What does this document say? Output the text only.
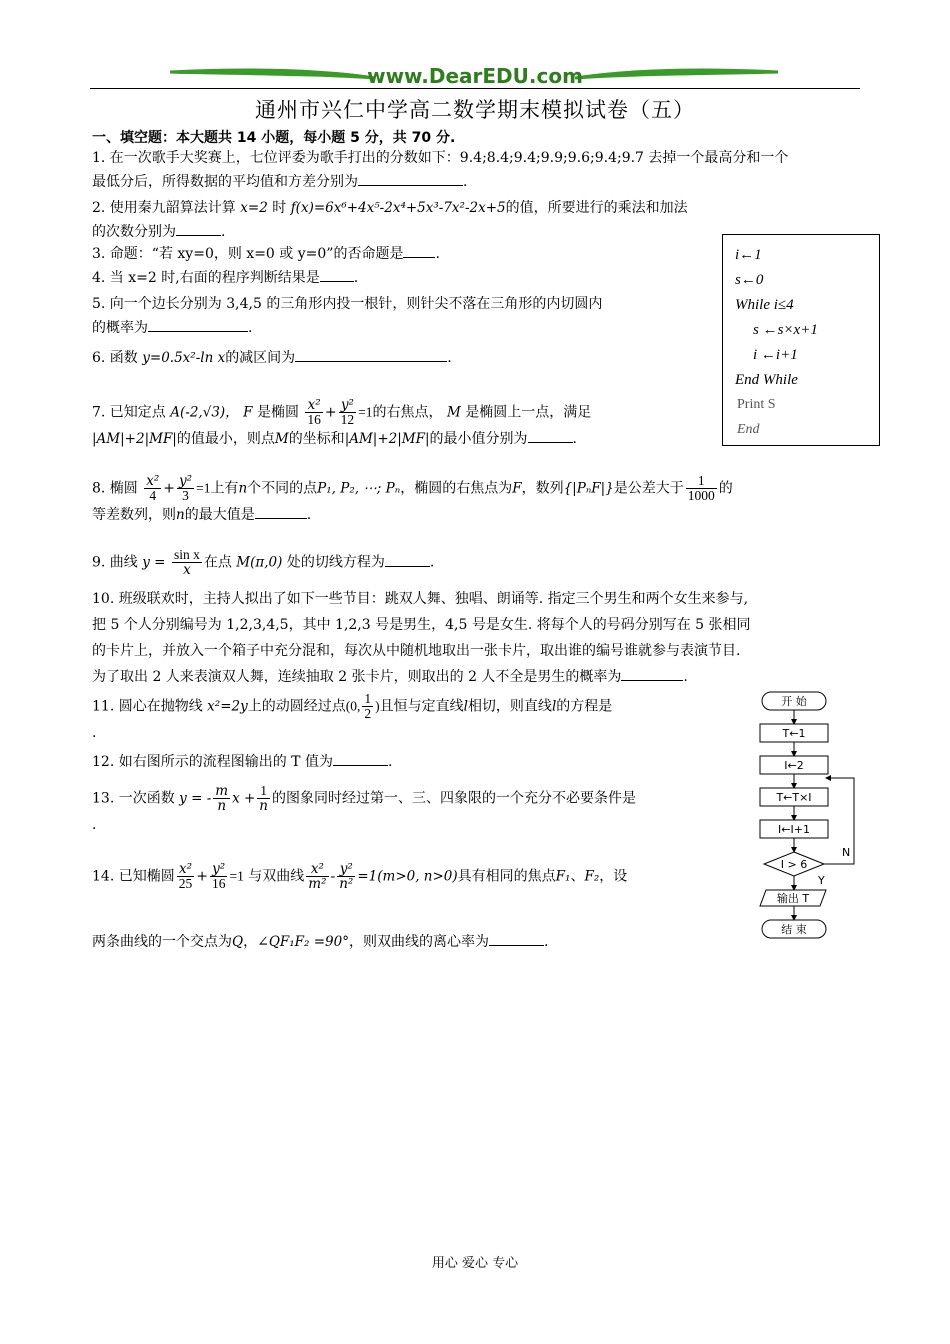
www.DearEDU.com
通州市兴仁中学高二数学期末模拟试卷（五）
一、填空题：本大题共 14 小题，每小题 5 分，共 70 分.
1. 在一次歌手大奖赛上，七位评委为歌手打出的分数如下：9.4;8.4;9.4;9.9;9.6;9.4;9.7 去掉一个最高分和一个
最低分后，所得数据的平均值和方差分别为	.
2. 使用秦九韶算法计算 x=2 时 f(x)=6x⁶+4x⁵-2x⁴+5x³-7x²-2x+5的值，所要进行的乘法和加法
的次数分别为	.
3. 命题：“若 xy=0，则 x=0 或 y=0”的否命题是 .
4. 当 x=2 时,右面的程序判断结果是 .
5. 向一个边长分别为 3,4,5 的三角形内投一根针，则针尖不落在三角形的内切圆内
的概率为	.
6. 函数 y=0.5x²-ln x的减区间为	.
7. 已知定点 A(-2,√3)， F 是椭圆 $\frac{\text{x²}}{16} + \frac{\text{y²}}{12} =1$的右焦点， M 是椭圆上一点，满足
|AM|+2|MF|的值最小，则点M的坐标和|AM|+2|MF|的最小值分别为	.
8. 椭圆 $\frac{\text{x²}}{4} + \frac{\text{y²}}{3} =1$上有n个不同的点P₁, P₂, ⋯; Pₙ，椭圆的右焦点为F，数列{|PₙF|}是公差大于 $\frac{1}{1000}$ 的
等差数列，则n的最大值是	.
9. 曲线 $y = \frac{\text{sin x}}{x}$ 在点 M(π,0) 处的切线方程为	.
10. 班级联欢时，主持人拟出了如下一些节目：跳双人舞、独唱、朗诵等. 指定三个男生和两个女生来参与,
把 5 个人分别编号为 1,2,3,4,5，其中 1,2,3 号是男生，4,5 号是女生. 将每个人的号码分别写在 5 张相同
的卡片上，并放入一个箱子中充分混和，每次从中随机地取出一张卡片，取出谁的编号谁就参与表演节目.
为了取出 2 人来表演双人舞，连续抽取 2 张卡片，则取出的 2 人不全是男生的概率为	.
11. 圆心在抛物线 x²=2y上的动圆经过点(0, $\frac{1}{2}$ )且恒与定直线l相切，则直线l的方程是
.
12. 如右图所示的流程图输出的 T 值为	.
13. 一次函数 y = - $\frac{m}{n}$ $x + \frac{1}{n}$ 的图象同时经过第一、三、四象限的一个充分不必要条件是
.
14. 已知椭圆 $\frac{\text{x²}}{25} + \frac{\text{y²}}{16} =1$ 与双曲线 $\frac{\text{x²}}{\text{m²}} - \frac{\text{y²}}{\text{n²}} =1(m>0$, n>0)具有相同的焦点F₁、F₂，设
两条曲线的一个交点为Q，∠QF₁F₂ =90°，则双曲线的离心率为	.
i←1
s←0
While i≤4
s ←s×x+1
i ←i+1
End While
Print S
End
开 始
T←1
I←2
T←T×I
I←I+1
I > 6
N
Y
输出 T
结 束
用心 爱心 专心
